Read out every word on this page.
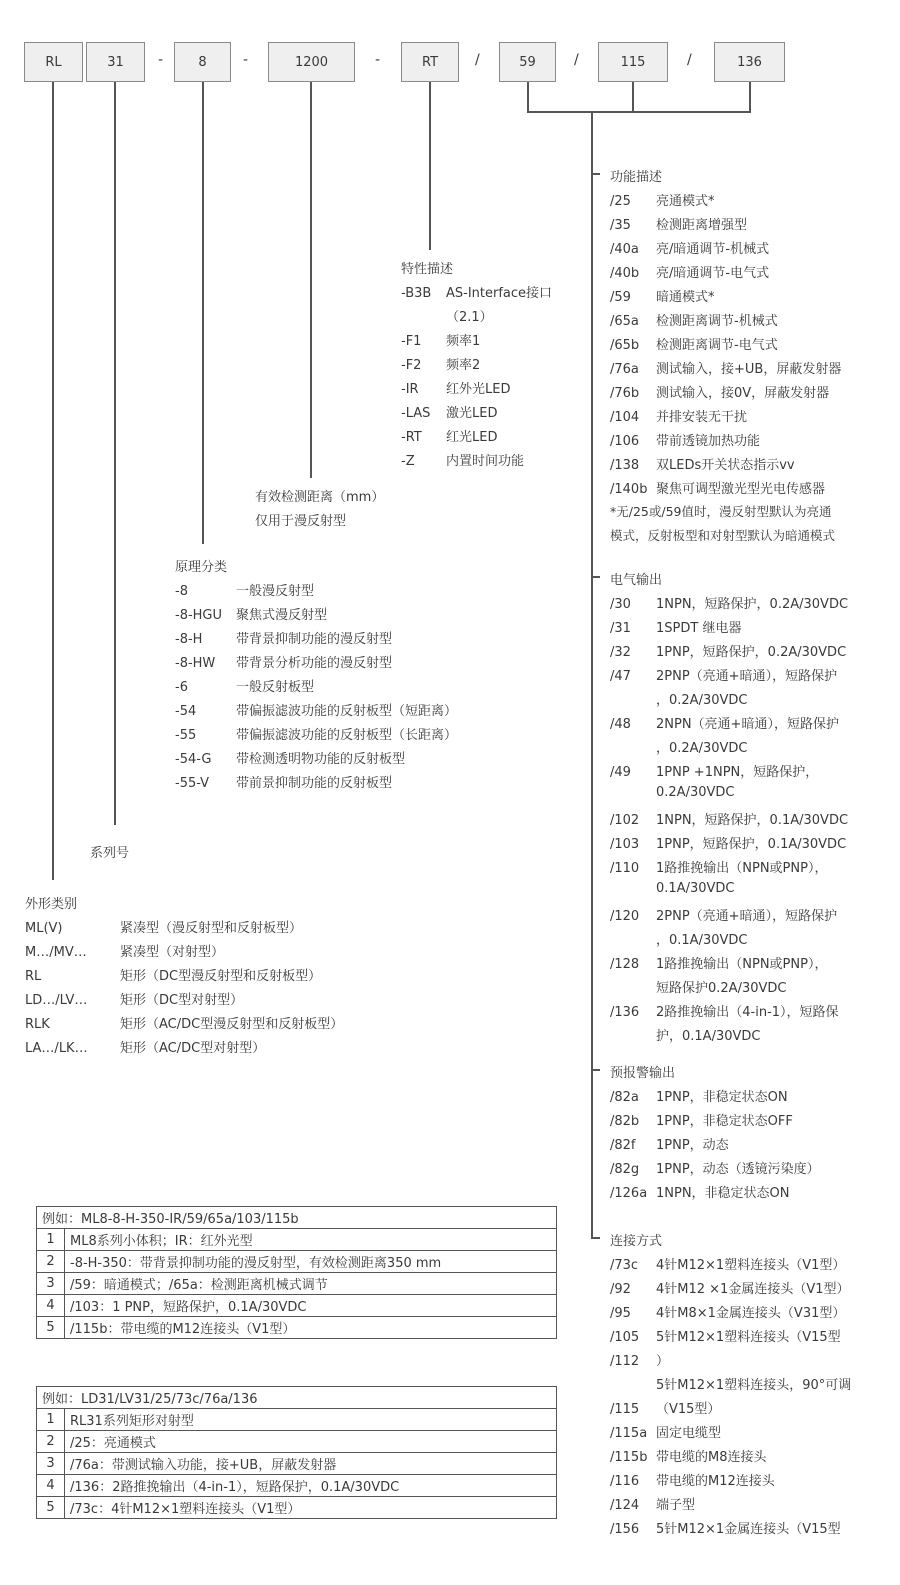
RL	31 -	8	-	1200	-	RT	/	59	/	115	/	136
特性描述
-B3B AS-Interface接口
（2.1）
-F1 频率1
-F2 频率2
-IR 红外光LED
-LAS 激光LED
-RT 红光LED
-Z 内置时间功能
有效检测距离（mm）
仅用于漫反射型
原理分类
-8	一般漫反射型
-8-HGU 聚焦式漫反射型
-8-H	带背景抑制功能的漫反射型
-8-HW 带背景分析功能的漫反射型
-6	一般反射板型
-54	带偏振滤波功能的反射板型（短距离）
-55	带偏振滤波功能的反射板型（长距离）
-54-G 带检测透明物功能的反射板型
-55-V 带前景抑制功能的反射板型
系列号
外形类别
ML(V)	紧凑型（漫反射型和反射板型）
M…/MV…	紧凑型（对射型）
RL	矩形（DC型漫反射型和反射板型）
LD…/LV…	矩形（DC型对射型）
RLK	矩形（AC/DC型漫反射型和反射板型）
LA…/LK… 矩形（AC/DC型对射型）
功能描述
/25 亮通模式*
/35 检测距离增强型
/40a 亮/暗通调节-机械式
/40b 亮/暗通调节-电气式
/59 暗通模式*
/65a 检测距离调节-机械式
/65b 检测距离调节-电气式
/76a 测试输入，接+UB，屏蔽发射器
/76b 测试输入，接0V，屏蔽发射器
/104 并排安装无干扰
/106 带前透镜加热功能
/138 双LEDs开关状态指示vv
/140b 聚焦可调型激光型光电传感器
*无/25或/59值时，漫反射型默认为亮通
模式，反射板型和对射型默认为暗通模式
电气输出
/30 1NPN，短路保护，0.2A/30VDC
/31 1SPDT 继电器
/32 1PNP，短路保护，0.2A/30VDC
/47 2PNP（亮通+暗通），短路保护
，0.2A/30VDC
/48 2NPN（亮通+暗通），短路保护
，0.2A/30VDC
/49 1PNP +1NPN，短路保护，
0.2A/30VDC
/102 1NPN，短路保护，0.1A/30VDC
/103 1PNP，短路保护，0.1A/30VDC
/110 1路推挽输出（NPN或PNP），
0.1A/30VDC
/120 2PNP（亮通+暗通），短路保护
，0.1A/30VDC
/128 1路推挽输出（NPN或PNP），
短路保护0.2A/30VDC
/136 2路推挽输出（4-in-1），短路保
护，0.1A/30VDC
预报警输出
/82a 1PNP，非稳定状态ON
/82b 1PNP，非稳定状态OFF
/82f 1PNP，动态
/82g 1PNP，动态（透镜污染度）
/126a 1NPN，非稳定状态ON
连接方式
/73c 4针M12×1塑料连接头（V1型）
/92 4针M12 ×1金属连接头（V1型）
/95 4针M8×1金属连接头（V31型）
/105 5针M12×1塑料连接头（V15型
/112 ）
5针M12×1塑料连接头，90°可调
/115 （V15型）
/115a 固定电缆型
/115b 带电缆的M8连接头
/116 带电缆的M12连接头
/124 端子型
/156 5针M12×1金属连接头（V15型
例如：ML8-8-H-350-IR/59/65a/103/115b	
1	ML8系列小体积；IR：红外光型
2	-8-H-350：带背景抑制功能的漫反射型，有效检测距离350 mm
3	/59：暗通模式；/65a：检测距离机械式调节
4	/103：1 PNP，短路保护，0.1A/30VDC
5	/115b：带电缆的M12连接头（V1型）
例如：LD31/LV31/25/73c/76a/136	
1	RL31系列矩形对射型
2	/25：亮通模式
3	/76a：带测试输入功能，接+UB，屏蔽发射器
4	/136：2路推挽输出（4-in-1），短路保护，0.1A/30VDC
5	/73c：4针M12×1塑料连接头（V1型）
